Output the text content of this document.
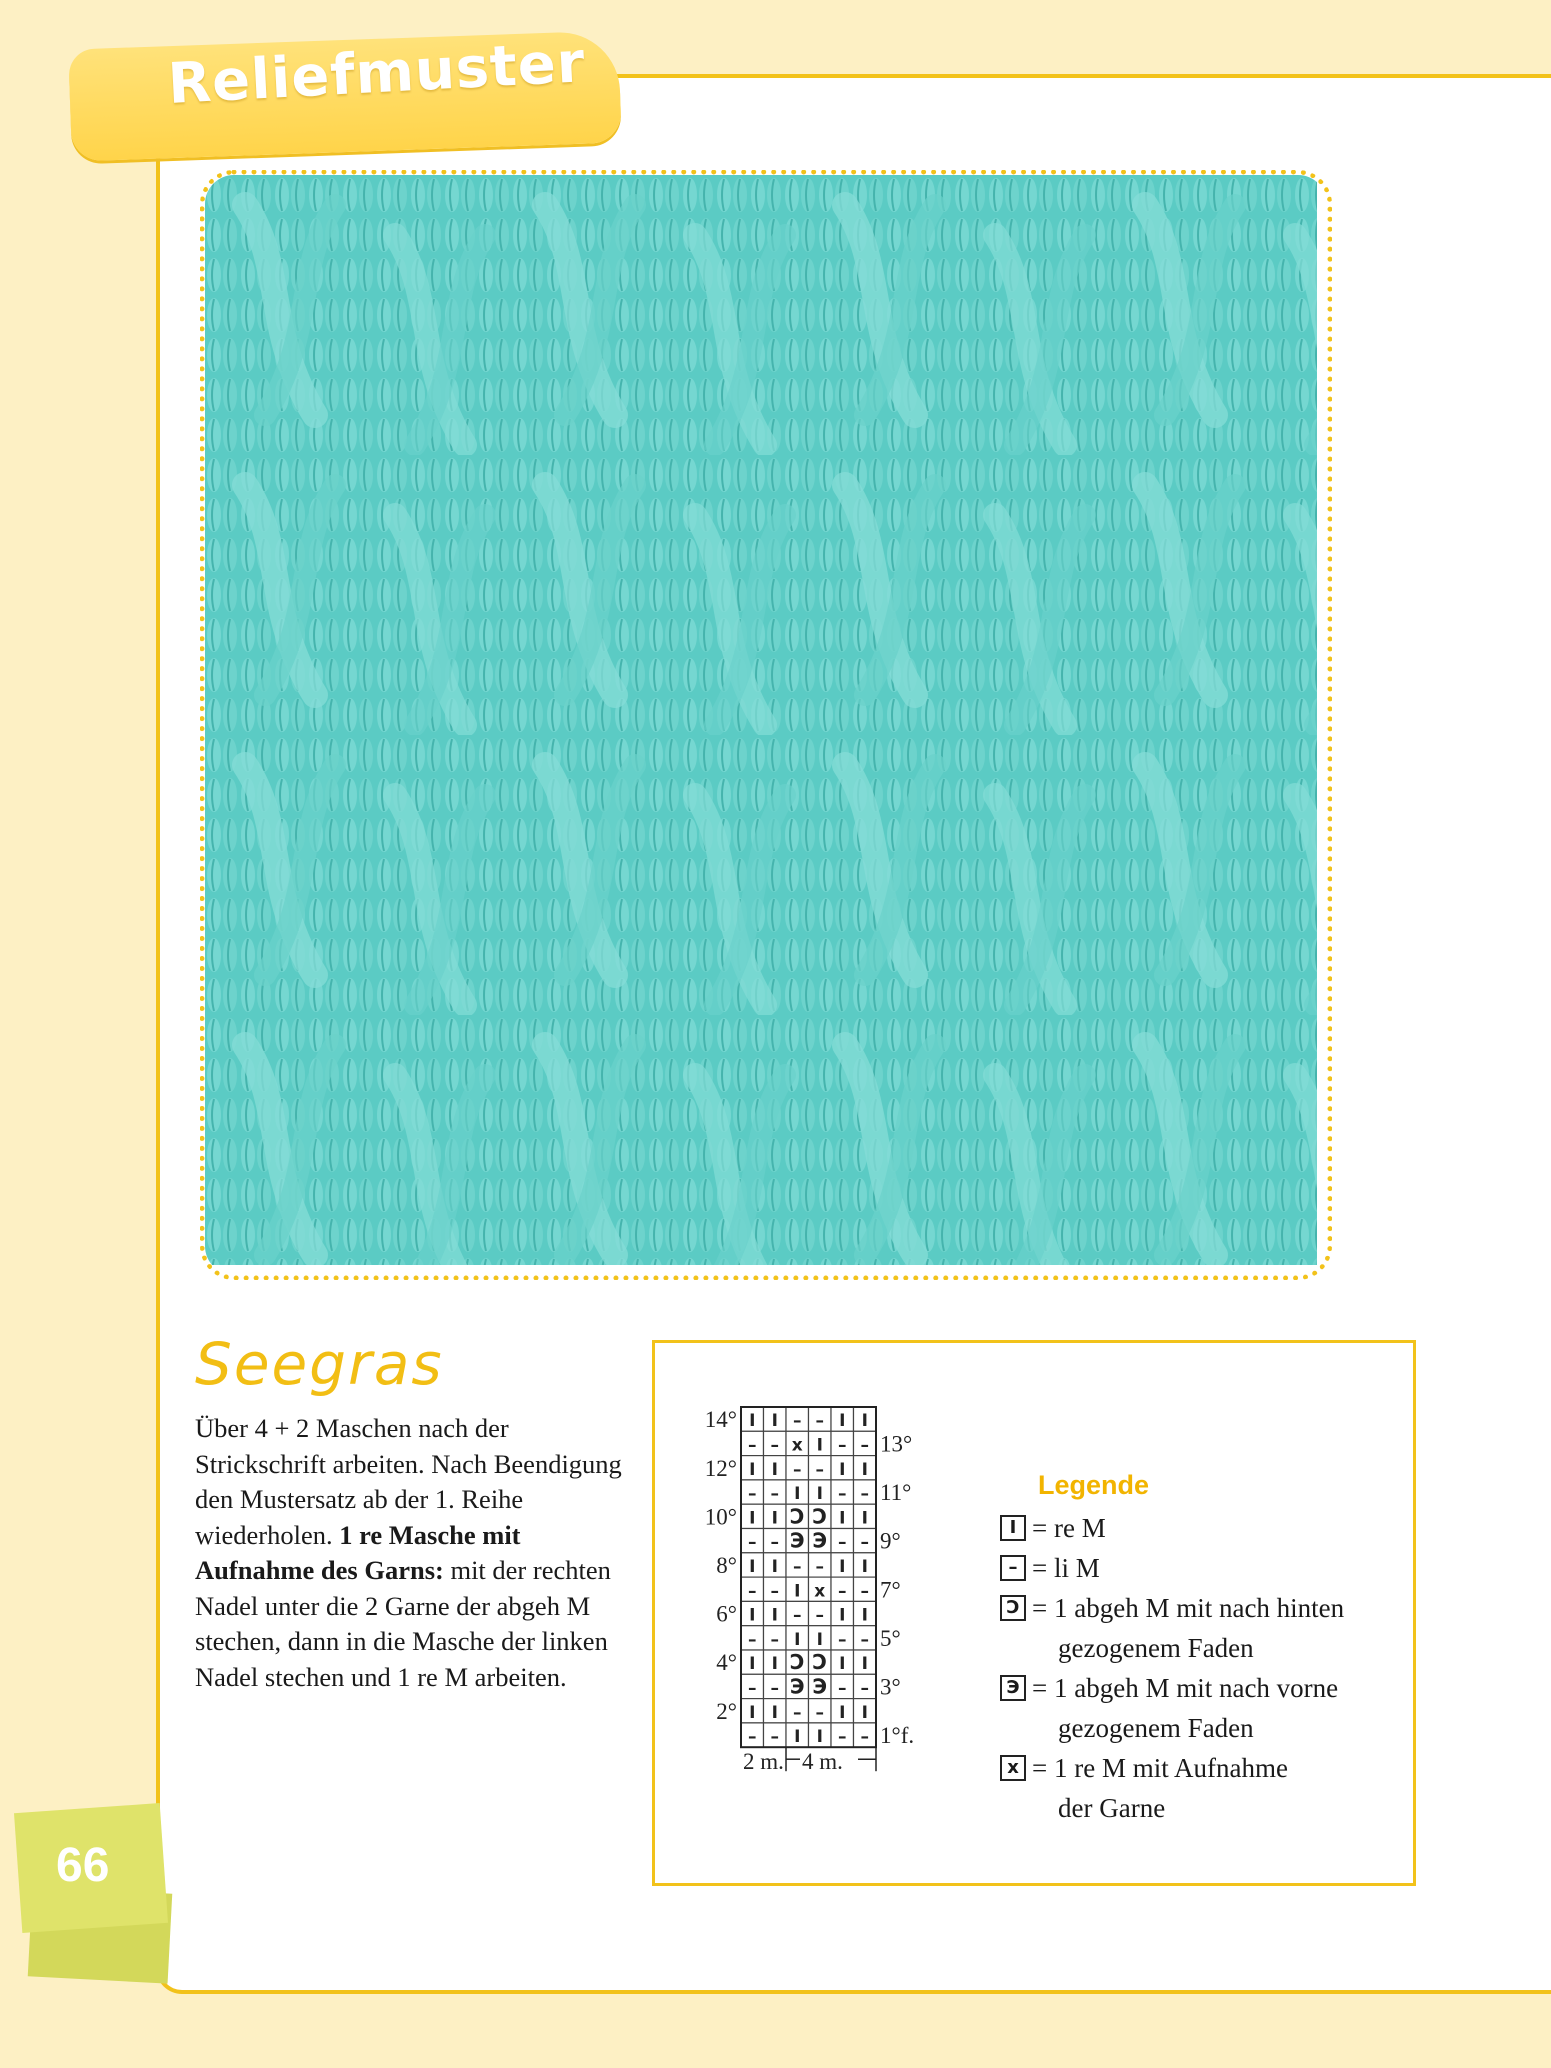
Reliefmuster
Seegras
Über 4 + 2 Maschen nach der Strickschrift arbeiten. Nach Beendigung den Mustersatz ab der 1. Reihe wiederholen. 1 re Masche mit Aufnahme des Garns: mit der rechten Nadel unter die 2 Garne der abgeh M stechen, dann in die Masche der linken Nadel stechen und 1 re M arbeiten.
I I – – I I
14°
– – x I – – 13°
I I – – I I
12°
– – I I – – 11°
I I Ↄ Ↄ I I
10°
– – Э Э – – 9°
I I – – I I
8°
– – I x – – 7°
I I – – I I
6°
– – I I – – 5°
I I Ↄ Ↄ I I
4°
– – Э Э – – 3°
I I – – I I
2°
– – I I – – 1°f.
2 m. 4 m.
Legende
I = re M
– = li M
Ↄ = 1 abgeh M mit nach hinten
gezogenem Faden
Э = 1 abgeh M mit nach vorne
gezogenem Faden
x = 1 re M mit Aufnahme
der Garne
66
